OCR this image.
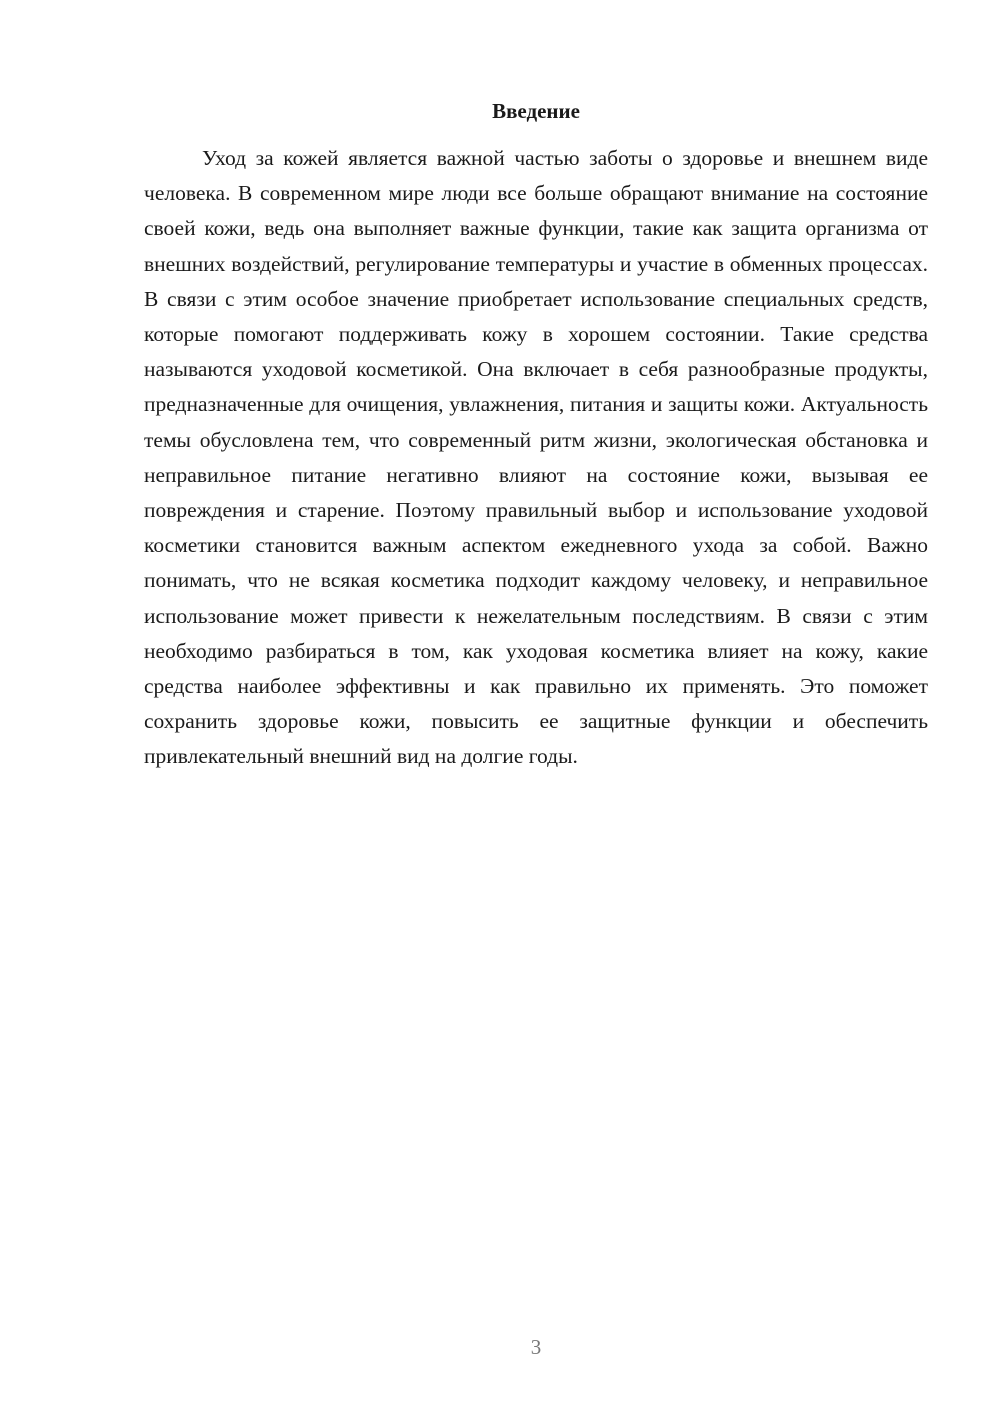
Введение

Уход за кожей является важной частью заботы о здоровье и внешнем виде человека. В современном мире люди все больше обращают внимание на состояние своей кожи, ведь она выполняет важные функции, такие как защита организма от внешних воздействий, регулирование температуры и участие в обменных процессах. В связи с этим особое значение приобретает использование специальных средств, которые помогают поддерживать кожу в хорошем состоянии. Такие средства называются уходовой косметикой. Она включает в себя разнообразные продукты, предназначенные для очищения, увлажнения, питания и защиты кожи. Актуальность темы обусловлена тем, что современный ритм жизни, экологическая обстановка и неправильное питание негативно влияют на состояние кожи, вызывая ее повреждения и старение. Поэтому правильный выбор и использование уходовой косметики становится важным аспектом ежедневного ухода за собой. Важно понимать, что не всякая косметика подходит каждому человеку, и неправильное использование может привести к нежелательным последствиям. В связи с этим необходимо разбираться в том, как уходовая косметика влияет на кожу, какие средства наиболее эффективны и как правильно их применять. Это поможет сохранить здоровье кожи, повысить ее защитные функции и обеспечить привлекательный внешний вид на долгие годы.

3
